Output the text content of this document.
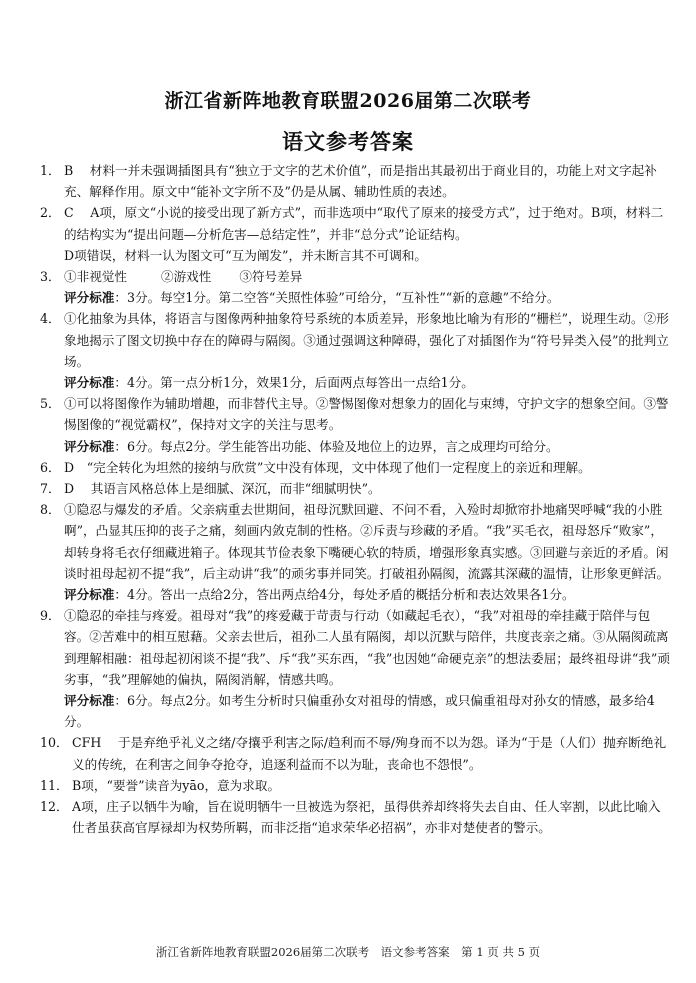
浙江省新阵地教育联盟2026届第二次联考
语文参考答案
1． B　 材料一并未强调插图具有“独立于文字的艺术价值”，而是指出其最初出于商业目的，功能上对文字起补充、解释作用。原文中“能补文字所不及”仍是从属、辅助性质的表述。
2． C　 A项，原文“小说的接受出现了新方式”，而非选项中“取代了原来的接受方式”，过于绝对。B项，材料二的结构实为“提出问题—分析危害—总结定性”，并非“总分式”论证结构。
D项错误，材料一认为图文可“互为阐发”，并未断言其不可调和。
3． ①非视觉性	②游戏性 ③符号差异
评分标准：3分。每空1分。第二空答“关照性体验”可给分，“互补性”“新的意趣”不给分。
4． ①化抽象为具体，将语言与图像两种抽象符号系统的本质差异，形象地比喻为有形的“栅栏”，说理生动。②形象地揭示了图文切换中存在的障碍与隔阂。③通过强调这种障碍，强化了对插图作为“符号异类入侵”的批判立场。
评分标准：4分。第一点分析1分，效果1分，后面两点每答出一点给1分。
5． ①可以将图像作为辅助增趣，而非替代主导。②警惕图像对想象力的固化与束缚，守护文字的想象空间。③警惕图像的“视觉霸权”，保持对文字的关注与思考。
评分标准：6分。每点2分。学生能答出功能、体验及地位上的边界，言之成理均可给分。
6． D　“完全转化为坦然的接纳与欣赏”文中没有体现，文中体现了他们一定程度上的亲近和理解。
7． D　 其语言风格总体上是细腻、深沉，而非“细腻明快”。
8． ①隐忍与爆发的矛盾。父亲病重去世期间，祖母沉默回避、不问不看，入殓时却掀帘扑地痛哭呼喊“我的小胜啊”，凸显其压抑的丧子之痛，刻画内敛克制的性格。②斥责与珍藏的矛盾。“我”买毛衣，祖母怒斥“败家”，却转身将毛衣仔细藏进箱子。体现其节俭表象下嘴硬心软的特质，增强形象真实感。③回避与亲近的矛盾。闲谈时祖母起初不提“我”，后主动讲“我”的顽劣事并同笑。打破祖孙隔阂，流露其深藏的温情，让形象更鲜活。
评分标准：4分。答出一点给2分，答出两点给4分，每处矛盾的概括分析和表达效果各1分。
9． ①隐忍的牵挂与疼爱。祖母对“我”的疼爱藏于苛责与行动（如藏起毛衣），“我”对祖母的牵挂藏于陪伴与包容。②苦难中的相互慰藉。父亲去世后，祖孙二人虽有隔阂，却以沉默与陪伴，共度丧亲之痛。③从隔阂疏离到理解相融：祖母起初闲谈不提“我”、斥“我”买东西，“我”也因她“命硬克亲”的想法委屈；最终祖母讲“我”顽劣事，“我”理解她的偏执，隔阂消解，情感共鸣。
评分标准：6分。每点2分。如考生分析时只偏重孙女对祖母的情感，或只偏重祖母对孙女的情感，最多给4分。
10． CFH　 于是弃绝乎礼义之绪/夺攘乎利害之际/趋利而不辱/殉身而不以为怨。译为“于是（人们）抛弃断绝礼义的传统，在利害之间争夺抢夺，追逐利益而不以为耻，丧命也不怨恨”。
11． B项，“要誉”读音为yāo，意为求取。
12． A项，庄子以牺牛为喻，旨在说明牺牛一旦被选为祭祀，虽得供养却终将失去自由、任人宰割，以此比喻入仕者虽获高官厚禄却为权势所羁，而非泛指“追求荣华必招祸”，亦非对楚使者的警示。
浙江省新阵地教育联盟2026届第二次联考　语文参考答案　第 1 页 共 5 页
